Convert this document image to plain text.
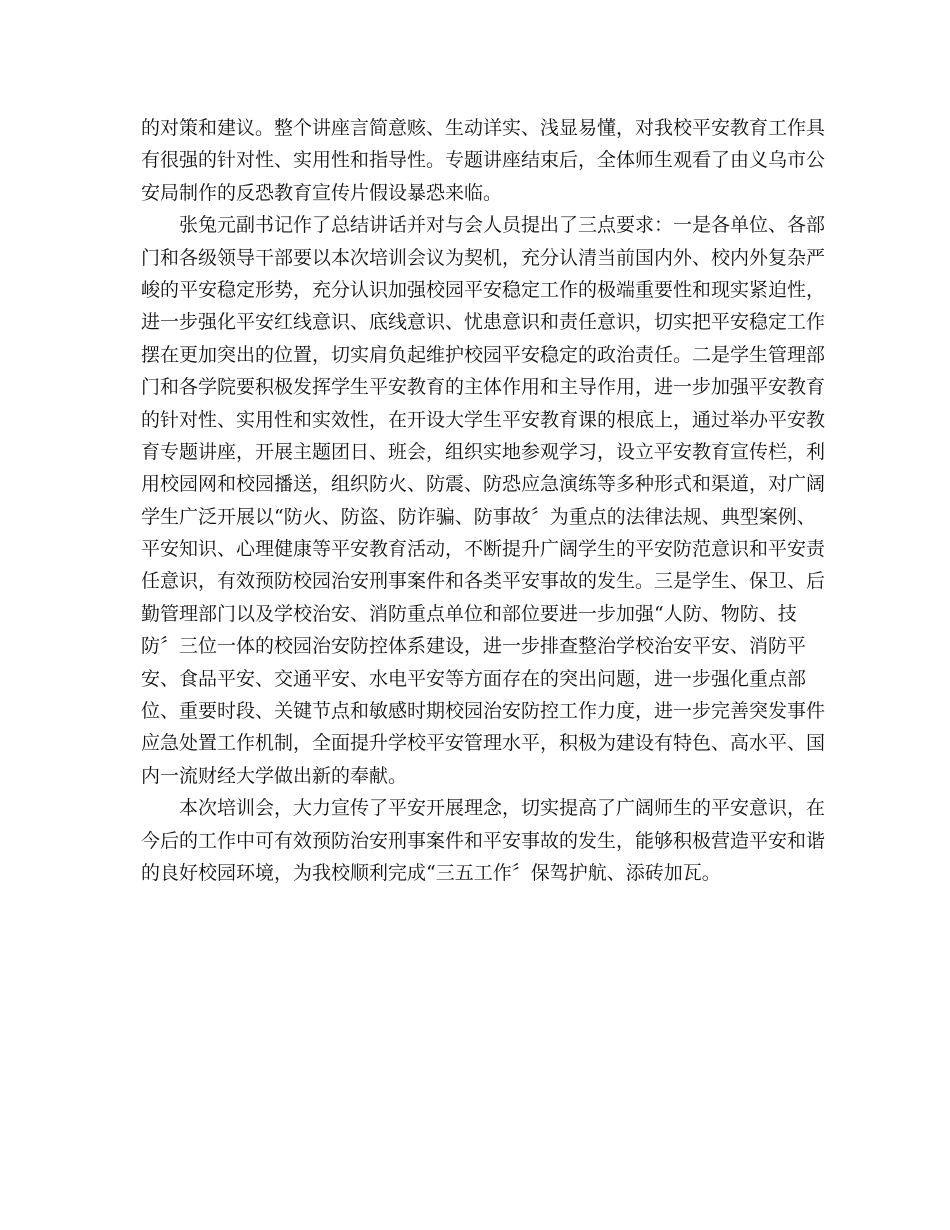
的对策和建议。整个讲座言简意赅、生动详实、浅显易懂，对我校平安教育工作具
有很强的针对性、实用性和指导性。专题讲座结束后，全体师生观看了由义乌市公
安局制作的反恐教育宣传片假设暴恐来临。
张兔元副书记作了总结讲话并对与会人员提出了三点要求：一是各单位、各部
门和各级领导干部要以本次培训会议为契机，充分认清当前国内外、校内外复杂严
峻的平安稳定形势，充分认识加强校园平安稳定工作的极端重要性和现实紧迫性，
进一步强化平安红线意识、底线意识、忧患意识和责任意识，切实把平安稳定工作
摆在更加突出的位置，切实肩负起维护校园平安稳定的政治责任。二是学生管理部
门和各学院要积极发挥学生平安教育的主体作用和主导作用，进一步加强平安教育
的针对性、实用性和实效性，在开设大学生平安教育课的根底上，通过举办平安教
育专题讲座，开展主题团日、班会，组织实地参观学习，设立平安教育宣传栏，利
用校园网和校园播送，组织防火、防震、防恐应急演练等多种形式和渠道，对广阔
学生广泛开展以“防火、防盗、防诈骗、防事故〞为重点的法律法规、典型案例、
平安知识、心理健康等平安教育活动，不断提升广阔学生的平安防范意识和平安责
任意识，有效预防校园治安刑事案件和各类平安事故的发生。三是学生、保卫、后
勤管理部门以及学校治安、消防重点单位和部位要进一步加强“人防、物防、技
防〞三位一体的校园治安防控体系建设，进一步排查整治学校治安平安、消防平
安、食品平安、交通平安、水电平安等方面存在的突出问题，进一步强化重点部
位、重要时段、关键节点和敏感时期校园治安防控工作力度，进一步完善突发事件
应急处置工作机制，全面提升学校平安管理水平，积极为建设有特色、高水平、国
内一流财经大学做出新的奉献。
本次培训会，大力宣传了平安开展理念，切实提高了广阔师生的平安意识，在
今后的工作中可有效预防治安刑事案件和平安事故的发生，能够积极营造平安和谐
的良好校园环境，为我校顺利完成“三五工作〞保驾护航、添砖加瓦。
